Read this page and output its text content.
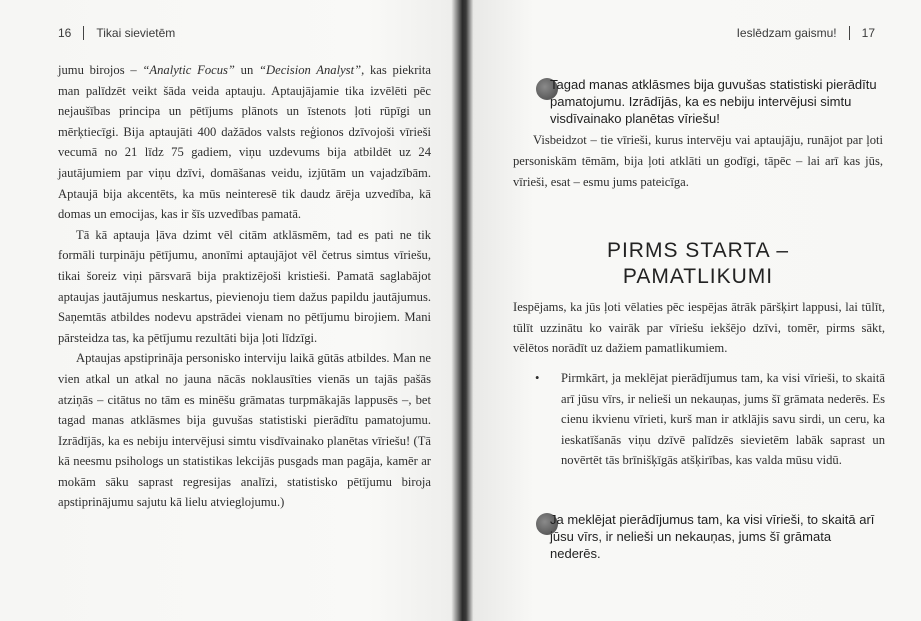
16 Tikai sievietēm

jumu birojos – “Analytic Focus” un “Decision Analyst”, kas piekrita man palīdzēt veikt šāda veida aptauju. Aptaujājamie tika izvēlēti pēc nejaušības principa un pētījums plānots un īstenots ļoti rūpīgi un mērķtiecīgi. Bija aptaujāti 400 dažādos valsts reģionos dzīvojoši vīrieši vecumā no 21 līdz 75 gadiem, viņu uzdevums bija atbildēt uz 24 jautājumiem par viņu dzīvi, domāšanas veidu, izjūtām un vajadzībām. Aptaujā bija akcentēts, ka mūs neinteresē tik daudz ārēja uzvedība, kā domas un emocijas, kas ir šīs uzvedības pamatā.

Tā kā aptauja ļāva dzimt vēl citām atklāsmēm, tad es pati ne tik formāli turpināju pētījumu, anonīmi aptaujājot vēl četrus simtus vīriešu, tikai šoreiz viņi pārsvarā bija praktizējoši kristieši. Pamatā saglabājot aptaujas jautājumus neskartus, pievienoju tiem dažus papildu jautājumus. Saņemtās atbildes nodevu apstrādei vienam no pētījumu birojiem. Mani pārsteidza tas, ka pētījumu rezultāti bija ļoti līdzīgi.

Aptaujas apstiprināja personisko interviju laikā gūtās atbildes. Man ne vien atkal un atkal no jauna nācās noklausīties vienās un tajās pašās atziņās – citātus no tām es minēšu grāmatas turpmākajās lappusēs –, bet tagad manas atklāsmes bija guvušas statistiski pierādītu pamatojumu. Izrādījās, ka es nebiju intervējusi simtu visdīvainako planētas vīriešu! (Tā kā neesmu psihologs un statistikas lekcijās pusgads man pagāja, kamēr ar mokām sāku saprast regresijas analīzi, statistisko pētījumu biroja apstiprinājumu sajutu kā lielu atvieglojumu.)

Ieslēdzam gaismu! 17
Tagad manas atklāsmes bija guvušas statistiski pierādītu pamatojumu. Izrādījās, ka es nebiju intervējusi simtu visdīvainako planētas vīriešu!

Visbeidzot – tie vīrieši, kurus intervēju vai aptaujāju, runājot par ļoti personiskām tēmām, bija ļoti atklāti un godīgi, tāpēc – lai arī kas jūs, vīrieši, esat – esmu jums pateicīga.

PIRMS STARTA –
PAMATLIKUMI
Iespējams, ka jūs ļoti vēlaties pēc iespējas ātrāk pāršķirt lappusi, lai tūlīt, tūlīt uzzinātu ko vairāk par vīriešu iekšējo dzīvi, tomēr, pirms sākt, vēlētos norādīt uz dažiem pamatlikumiem.
• Pirmkārt, ja meklējat pierādījumus tam, ka visi vīrieši, to skaitā arī jūsu vīrs, ir nelieši un nekauņas, jums šī grāmata nederēs. Es cienu ikvienu vīrieti, kurš man ir atklājis savu sirdi, un ceru, ka ieskatīšanās viņu dzīvē palīdzēs sievietēm labāk saprast un novērtēt tās brīnišķīgās atšķirības, kas valda mūsu vidū.
Ja meklējat pierādījumus tam, ka visi vīrieši, to skaitā arī jūsu vīrs, ir nelieši un nekauņas, jums šī grāmata nederēs.
